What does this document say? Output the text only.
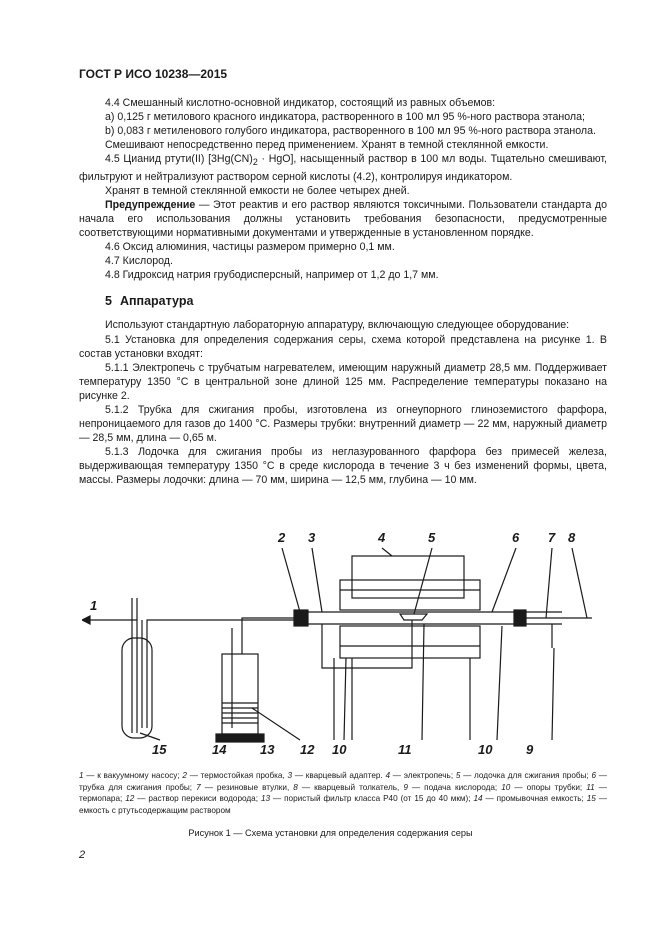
ГОСТ Р ИСО 10238—2015

4.4 Смешанный кислотно-основной индикатор, состоящий из равных объемов:

a) 0,125 г метилового красного индикатора, растворенного в 100 мл 95 %-ного раствора этанола;

b) 0,083 г метиленового голубого индикатора, растворенного в 100 мл 95 %-ного раствора этанола.

Смешивают непосредственно перед применением. Хранят в темной стеклянной емкости.

4.5 Цианид ртути(II) $[3Hg(CN)_2 \cdot HgO]$, насыщенный раствор в 100 мл воды. Тщательно смешивают, фильтруют и нейтрализуют раствором серной кислоты (4.2), контролируя индикатором.

Хранят в темной стеклянной емкости не более четырех дней.

Предупреждение — Этот реактив и его раствор являются токсичными. Пользователи стандарта до начала его использования должны установить требования безопасности, предусмотренные соответствующими нормативными документами и утвержденные в установленном порядке.

4.6 Оксид алюминия, частицы размером примерно 0,1 мм.

4.7 Кислород.

4.8 Гидроксид натрия грубодисперсный, например от 1,2 до 1,7 мм.

5 Аппаратура

Используют стандартную лабораторную аппаратуру, включающую следующее оборудование:

5.1 Установка для определения содержания серы, схема которой представлена на рисунке 1. В состав установки входят:

5.1.1 Электропечь с трубчатым нагревателем, имеющим наружный диаметр 28,5 мм. Поддерживает температуру 1350 °С в центральной зоне длиной 125 мм. Распределение температуры показано на рисунке 2.

5.1.2 Трубка для сжигания пробы, изготовлена из огнеупорного глиноземистого фарфора, непроницаемого для газов до 1400 °С. Размеры трубки: внутренний диаметр — 22 мм, наружный диаметр — 28,5 мм, длина — 0,65 м.

5.1.3 Лодочка для сжигания пробы из неглазурованного фарфора без примесей железа, выдерживающая температуру 1350 °С в среде кислорода в течение 3 ч без изменений формы, цвета, массы. Размеры лодочки: длина — 70 мм, ширина — 12,5 мм, глубина — 10 мм.

1
2 3	4	5	6 7 8
9
10
10	11
12
13
14
15
1 — к вакуумному насосу; 2 — термостойкая пробка, 3 — кварцевый адаптер. 4 — электропечь; 5 — лодочка для сжигания пробы; 6 — трубка для сжигания пробы; 7 — резиновые втулки, 8 — кварцевый толкатель, 9 — подача кислорода; 10 — опоры трубки; 11 — термопара; 12 — раствор перекиси водорода; 13 — пористый фильтр класса Р40 (от 15 до 40 мкм); 14 — промывочная емкость; 15 — емкость с ртутьсодержащим раствором
Рисунок 1 — Схема установки для определения содержания серы
2
